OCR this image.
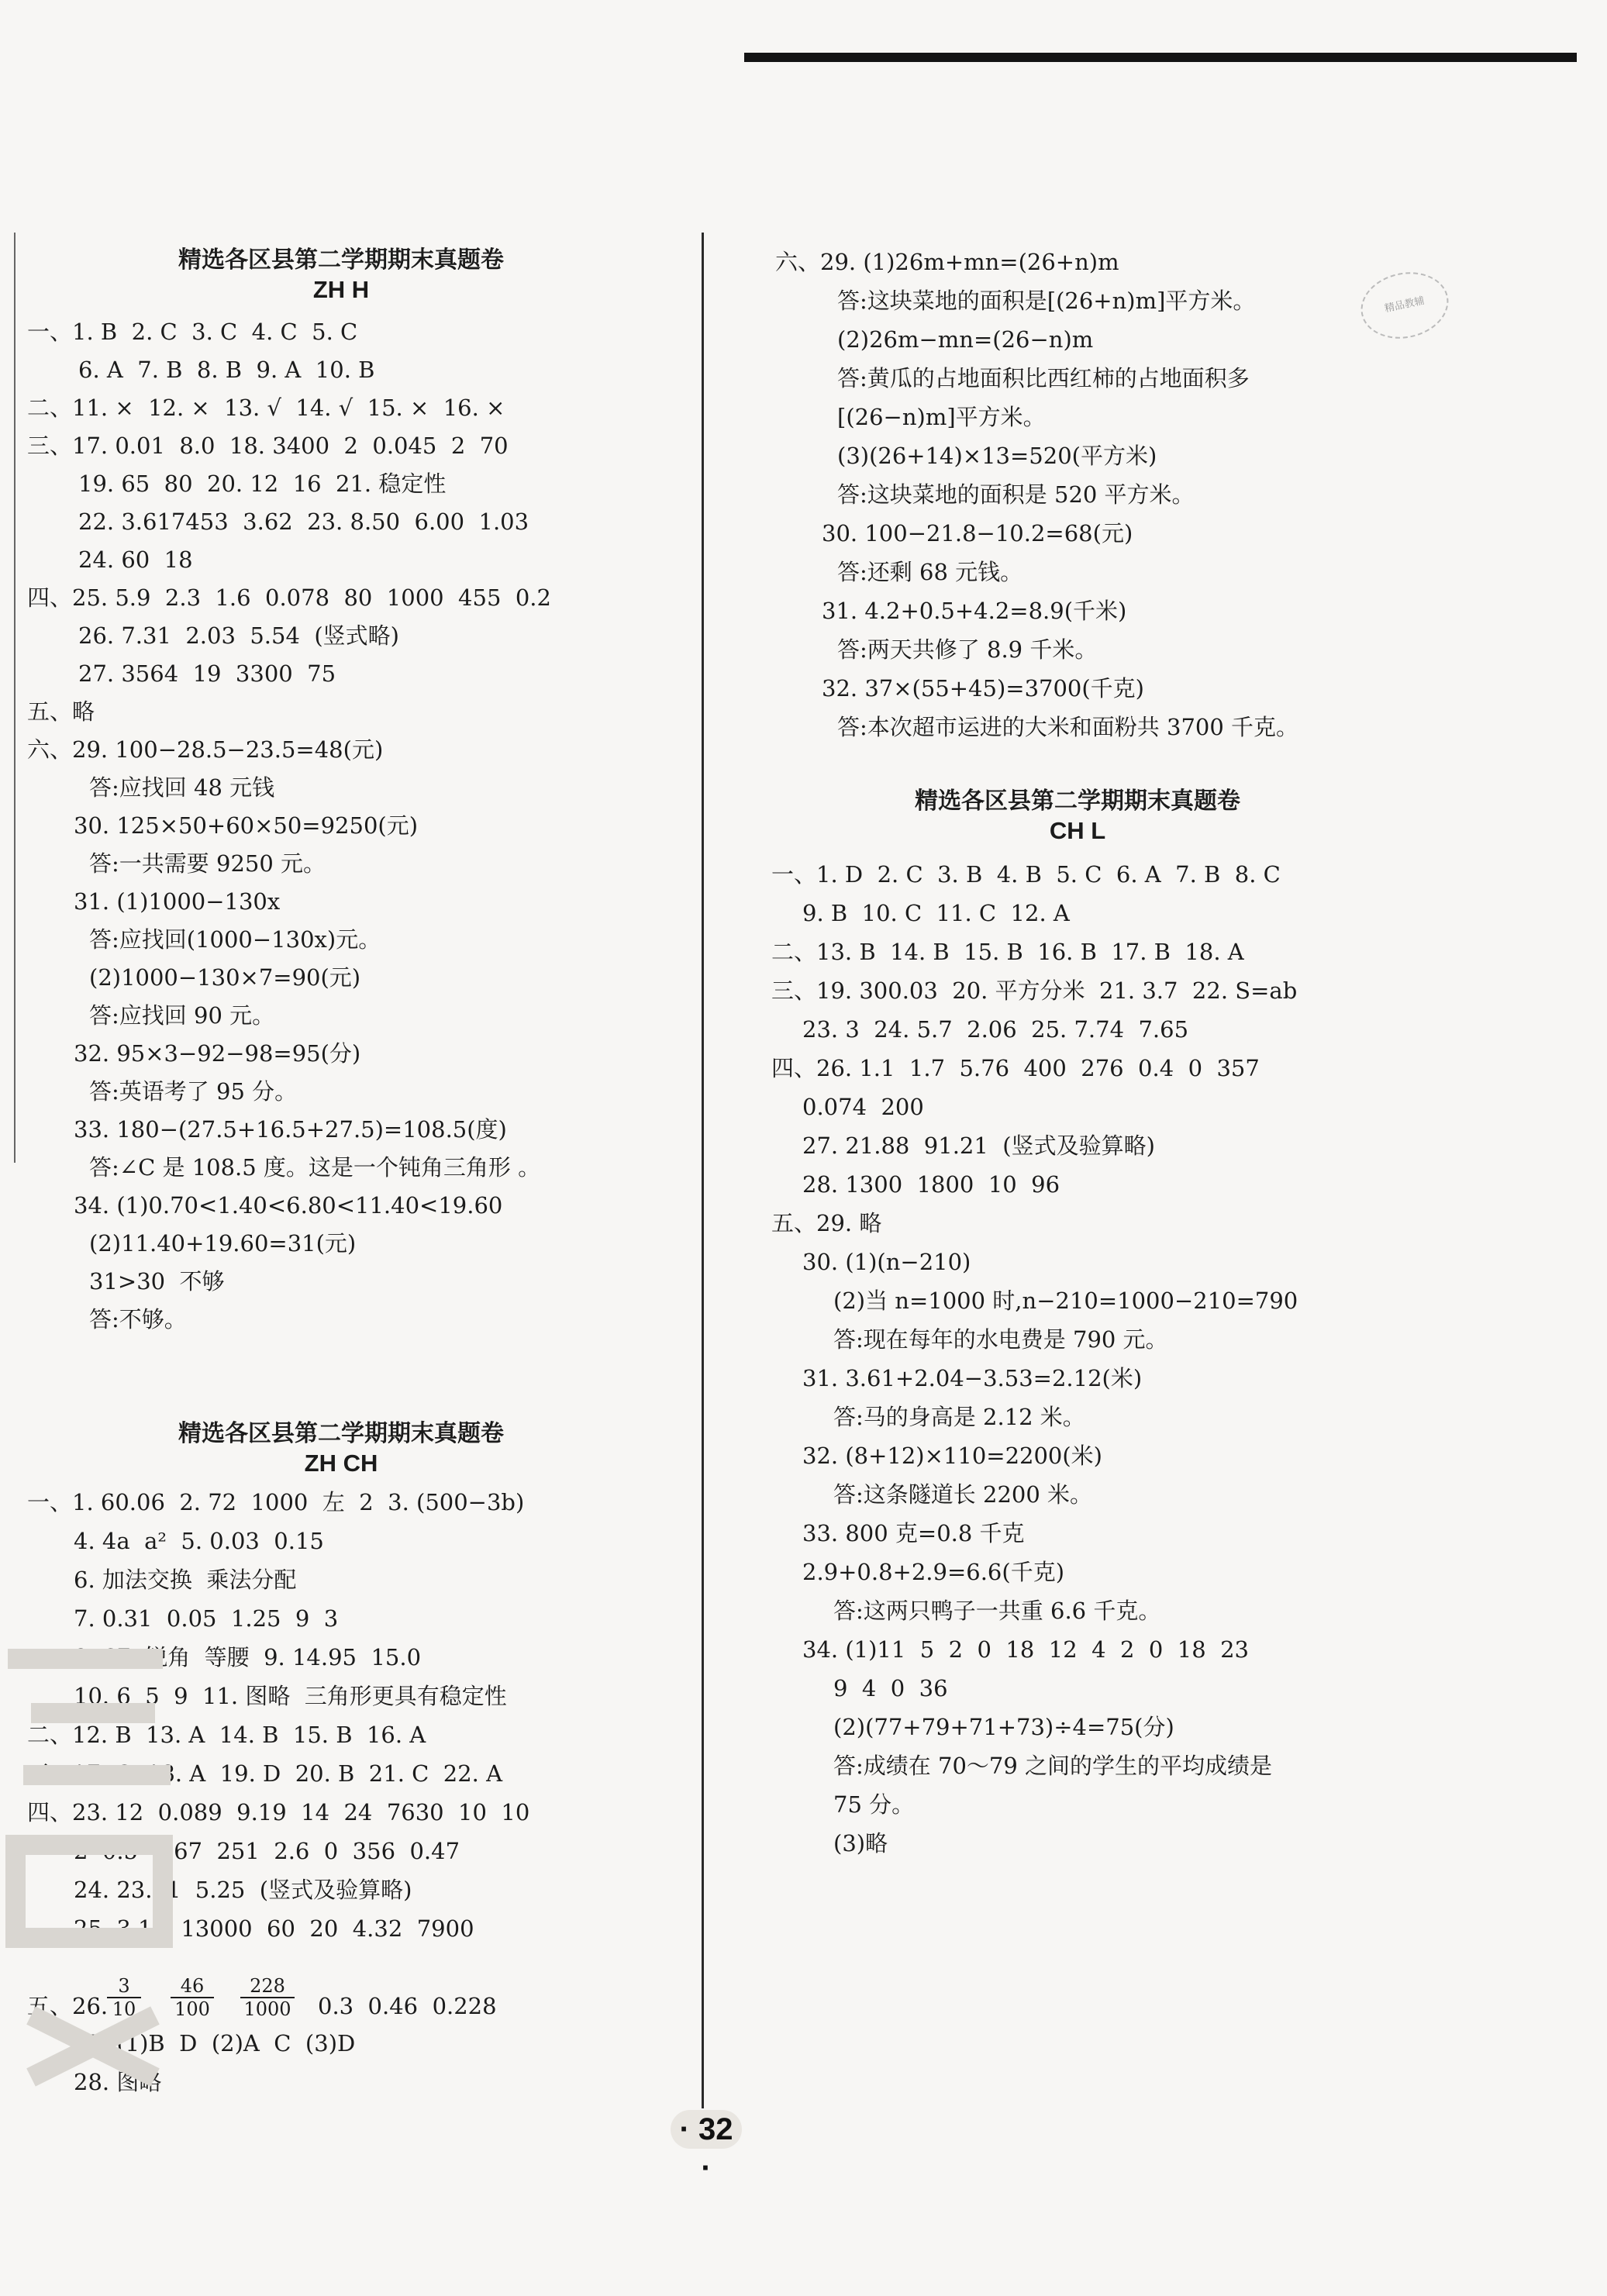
精选各区县第二学期期末真题卷
ZH H
一、1. B  2. C  3. C  4. C  5. C
6. A  7. B  8. B  9. A  10. B
二、11. ×  12. ×  13. √  14. √  15. ×  16. ×
三、17. 0.01  8.0  18. 3400  2  0.045  2  70
19. 65  80  20. 12  16  21. 稳定性
22. 3.617453  3.62  23. 8.50  6.00  1.03
24. 60  18
四、25. 5.9  2.3  1.6  0.078  80  1000  455  0.2
26. 7.31  2.03  5.54  (竖式略)
27. 3564  19  3300  75
五、略
六、29. 100−28.5−23.5=48(元)
答:应找回 48 元钱
30. 125×50+60×50=9250(元)
答:一共需要 9250 元。
31. (1)1000−130x
答:应找回(1000−130x)元。
(2)1000−130×7=90(元)
答:应找回 90 元。
32. 95×3−92−98=95(分)
答:英语考了 95 分。
33. 180−(27.5+16.5+27.5)=108.5(度)
答:∠C 是 108.5 度。这是一个钝角三角形 。
34. (1)0.70<1.40<6.80<11.40<19.60
(2)11.40+19.60=31(元)
31>30  不够
答:不够。
精选各区县第二学期期末真题卷
ZH CH
一、1. 60.06  2. 72  1000  左  2  3. (500−3b)
4. 4a  a²  5. 0.03  0.15
6. 加法交换  乘法分配
7. 0.31  0.05  1.25  9  3
8. 67  锐角  等腰  9. 14.95  15.0
10. 6  5  9  11. 图略  三角形更具有稳定性
二、12. B  13. A  14. B  15. B  16. A
三、17. C  18. A  19. D  20. B  21. C  22. A
四、23. 12  0.089  9.19  14  24  7630  10  10
2  0.5  3.67  251  2.6  0  356  0.47
24. 23.91  5.25  (竖式及验算略)
25. 3.16  13000  60  20  4.32  7900
五、26.
$\frac{3}{10} \frac{46}{100} \frac{228}{1000} 0.3$  0.46  0.228
27. (1)B  D  (2)A  C  (3)D
28. 图略
六、29. (1)26m+mn=(26+n)m
答:这块菜地的面积是[(26+n)m]平方米。
(2)26m−mn=(26−n)m
答:黄瓜的占地面积比西红柿的占地面积多
[(26−n)m]平方米。
(3)(26+14)×13=520(平方米)
答:这块菜地的面积是 520 平方米。
30. 100−21.8−10.2=68(元)
答:还剩 68 元钱。
31. 4.2+0.5+4.2=8.9(千米)
答:两天共修了 8.9 千米。
32. 37×(55+45)=3700(千克)
答:本次超市运进的大米和面粉共 3700 千克。
精品教辅
精选各区县第二学期期末真题卷
CH L
一、1. D  2. C  3. B  4. B  5. C  6. A  7. B  8. C
9. B  10. C  11. C  12. A
二、13. B  14. B  15. B  16. B  17. B  18. A
三、19. 300.03  20. 平方分米  21. 3.7  22. S=ab
23. 3  24. 5.7  2.06  25. 7.74  7.65
四、26. 1.1  1.7  5.76  400  276  0.4  0  357
0.074  200
27. 21.88  91.21  (竖式及验算略)
28. 1300  1800  10  96
五、29. 略
30. (1)(n−210)
(2)当 n=1000 时,n−210=1000−210=790
答:现在每年的水电费是 790 元。
31. 3.61+2.04−3.53=2.12(米)
答:马的身高是 2.12 米。
32. (8+12)×110=2200(米)
答:这条隧道长 2200 米。
33. 800 克=0.8 千克
2.9+0.8+2.9=6.6(千克)
答:这两只鸭子一共重 6.6 千克。
34. (1)11  5  2  0  18  12  4  2  0  18  23
9  4  0  36
(2)(77+79+71+73)÷4=75(分)
答:成绩在 70～79 之间的学生的平均成绩是
75 分。
(3)略
· 32 ·
